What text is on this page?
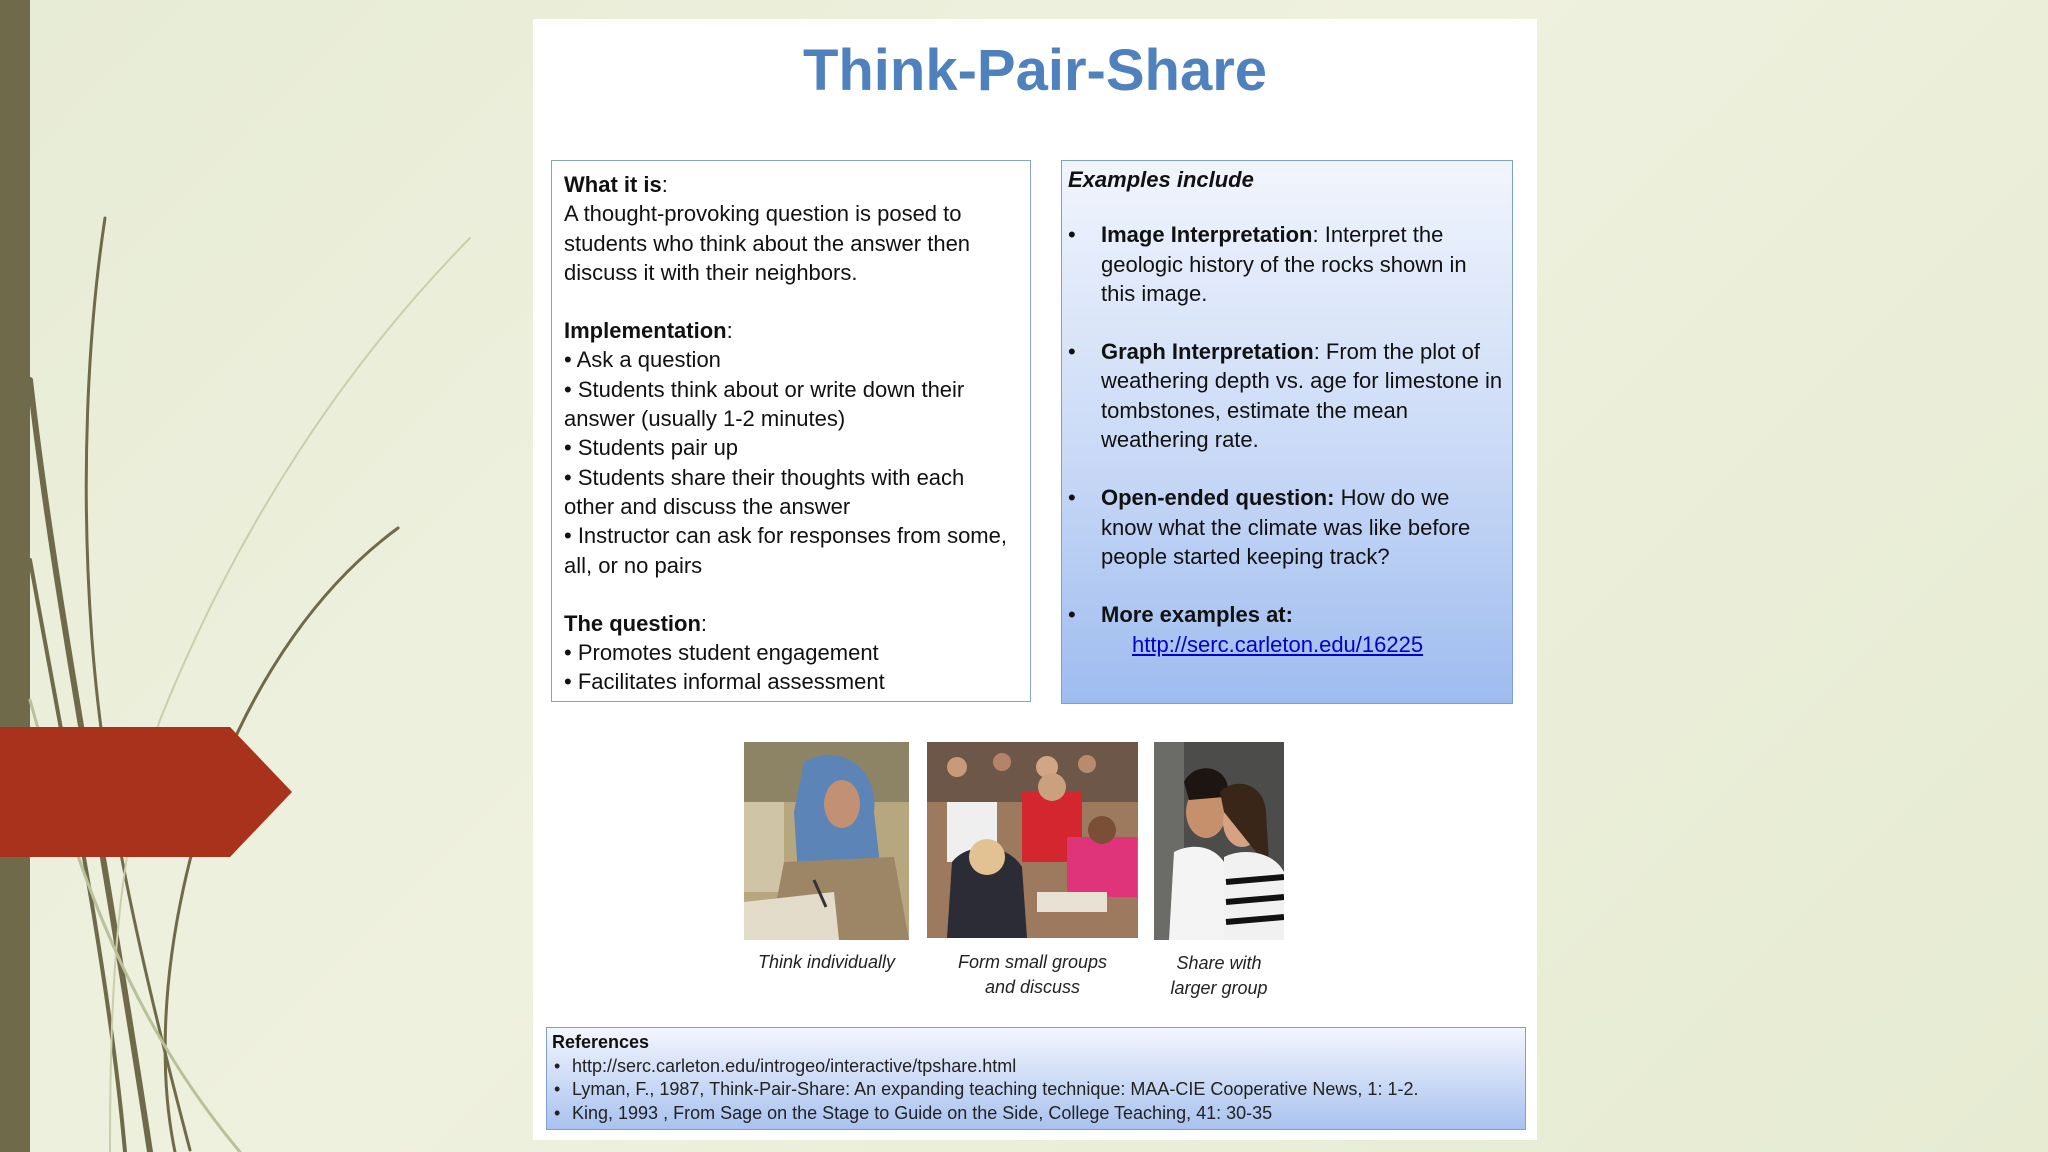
Think-Pair-Share
What it is:
A thought-provoking question is posed to students who think about the answer then discuss it with their neighbors.
Implementation:
• Ask a question
• Students think about or write down their answer (usually 1-2 minutes)
• Students pair up
• Students share their thoughts with each other and discuss the answer
• Instructor can ask for responses from some, all, or no pairs
The question:
• Promotes student engagement
• Facilitates informal assessment
Examples include
• Image Interpretation: Interpret the geologic history of the rocks shown in this image.
• Graph Interpretation: From the plot of weathering depth vs. age for limestone in tombstones, estimate the mean weathering rate.
• Open-ended question: How do we know what the climate was like before people started keeping track?
• More examples at:
http://serc.carleton.edu/16225
Think individually	Form small groups
and discuss
Share with
larger group
References
• http://serc.carleton.edu/introgeo/interactive/tpshare.html
• Lyman, F., 1987, Think-Pair-Share: An expanding teaching technique: MAA-CIE Cooperative News, 1: 1-2.
• King, 1993 , From Sage on the Stage to Guide on the Side, College Teaching, 41: 30-35
